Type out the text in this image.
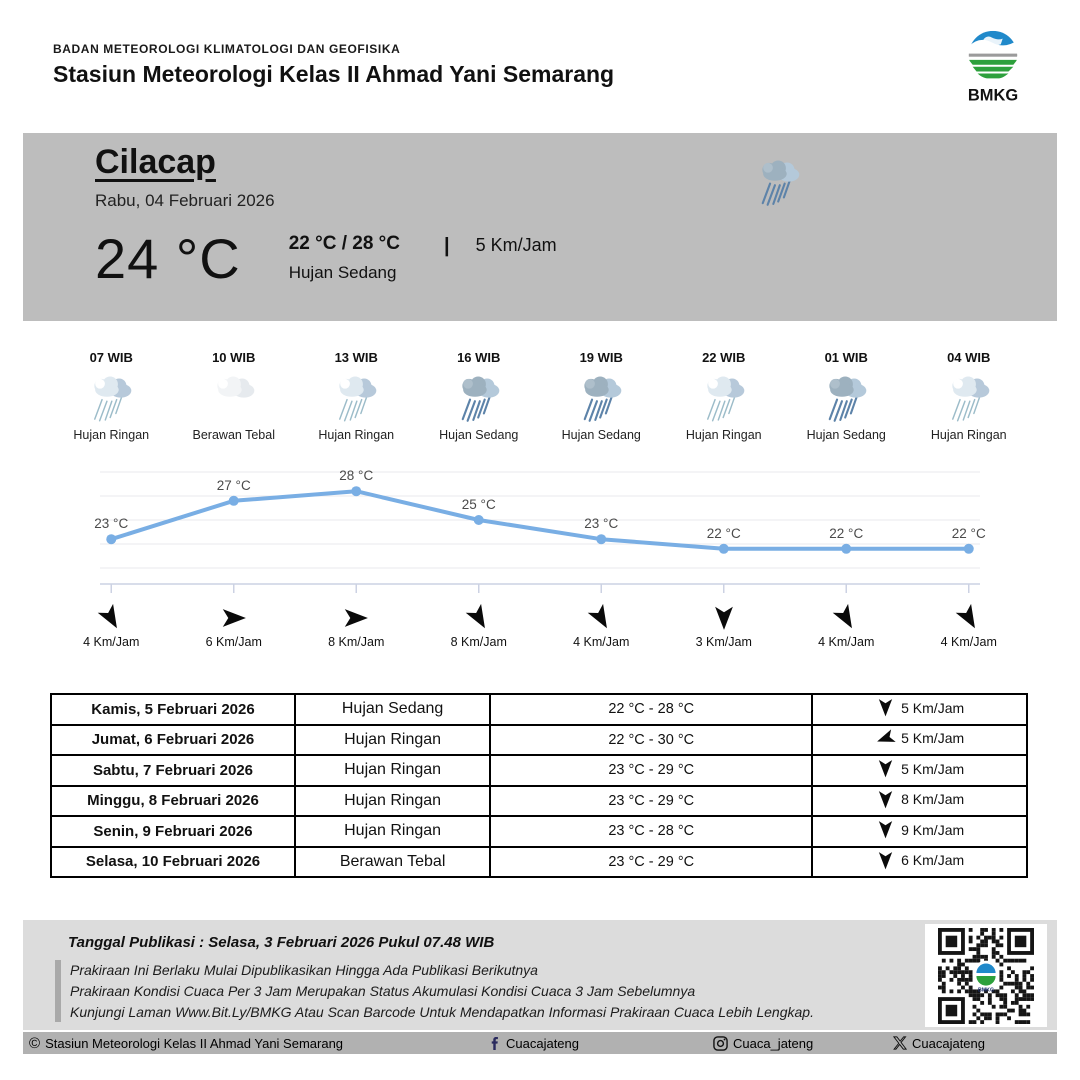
BADAN METEOROLOGI KLIMATOLOGI DAN GEOFISIKA
Stasiun Meteorologi Kelas II Ahmad Yani Semarang
BMKG
Cilacap
Rabu, 04 Februari 2026
24 °C	22 °C / 28 °C
Hujan Sedang
| 5 Km/Jam
07 WIB
Hujan Ringan
10 WIB
Berawan Tebal
13 WIB
Hujan Ringan
16 WIB
Hujan Sedang
19 WIB
Hujan Sedang
22 WIB
Hujan Ringan
01 WIB
Hujan Sedang
04 WIB
Hujan Ringan
23 °C
27 °C
28 °C
25 °C
23 °C
22 °C	22 °C	22 °C
4 Km/Jam	6 Km/Jam	8 Km/Jam	8 Km/Jam	4 Km/Jam	3 Km/Jam	4 Km/Jam	4 Km/Jam
Kamis, 5 Februari 2026	Hujan Sedang	22 °C - 28 °C	5 Km/Jam

Jumat, 6 Februari 2026	Hujan Ringan	22 °C - 30 °C	5 Km/Jam

Sabtu, 7 Februari 2026	Hujan Ringan	23 °C - 29 °C	5 Km/Jam

Minggu, 8 Februari 2026	Hujan Ringan	23 °C - 29 °C	8 Km/Jam

Senin, 9 Februari 2026	Hujan Ringan	23 °C - 28 °C	9 Km/Jam

Selasa, 10 Februari 2026	Berawan Tebal	23 °C - 29 °C	6 Km/Jam
Tanggal Publikasi : Selasa, 3 Februari 2026 Pukul 07.48 WIB
Prakiraan Ini Berlaku Mulai Dipublikasikan Hingga Ada Publikasi Berikutnya
Prakiraan Kondisi Cuaca Per 3 Jam Merupakan Status Akumulasi Kondisi Cuaca 3 Jam Sebelumnya
Kunjungi Laman Www.Bit.Ly/BMKG Atau Scan Barcode Untuk Mendapatkan Informasi Prakiraan Cuaca Lebih Lengkap.
BMKG
© Stasiun Meteorologi Kelas II Ahmad Yani Semarang	Cuacajateng	Cuaca_jateng	Cuacajateng
